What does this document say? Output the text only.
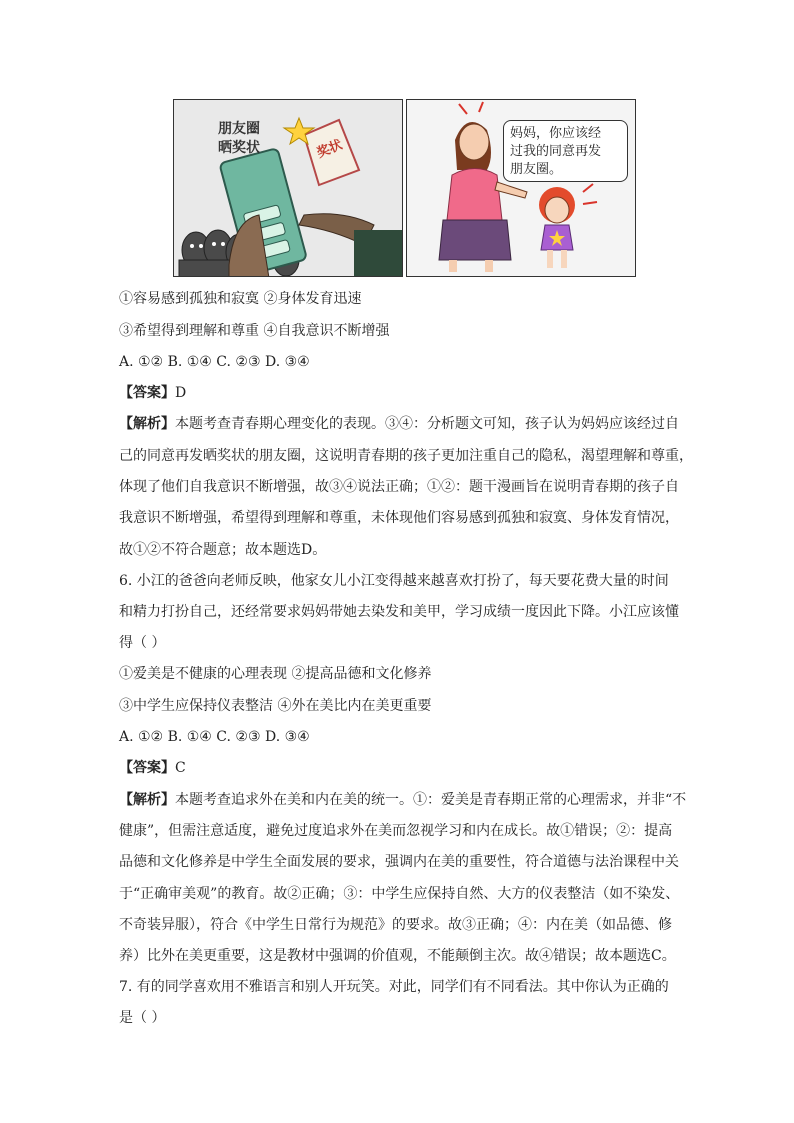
朋友圈
晒奖状	奖状
妈妈，你应该经
过我的同意再发
朋友圈。
①容易感到孤独和寂寞 ②身体发育迅速
③希望得到理解和尊重 ④自我意识不断增强
A. ①② B. ①④ C. ②③ D. ③④
【答案】D
【解析】本题考查青春期心理变化的表现。③④：分析题文可知，孩子认为妈妈应该经过自
己的同意再发晒奖状的朋友圈，这说明青春期的孩子更加注重自己的隐私，渴望理解和尊重，
体现了他们自我意识不断增强，故③④说法正确；①②：题干漫画旨在说明青春期的孩子自
我意识不断增强，希望得到理解和尊重，未体现他们容易感到孤独和寂寞、身体发育情况，
故①②不符合题意；故本题选D。
6. 小江的爸爸向老师反映，他家女儿小江变得越来越喜欢打扮了，每天要花费大量的时间
和精力打扮自己，还经常要求妈妈带她去染发和美甲，学习成绩一度因此下降。小江应该懂
得（ ）
①爱美是不健康的心理表现 ②提高品德和文化修养
③中学生应保持仪表整洁 ④外在美比内在美更重要
A. ①② B. ①④ C. ②③ D. ③④
【答案】C
【解析】本题考查追求外在美和内在美的统一。①：爱美是青春期正常的心理需求，并非“不
健康”，但需注意适度，避免过度追求外在美而忽视学习和内在成长。故①错误；②：提高
品德和文化修养是中学生全面发展的要求，强调内在美的重要性，符合道德与法治课程中关
于“正确审美观”的教育。故②正确；③：中学生应保持自然、大方的仪表整洁（如不染发、
不奇装异服），符合《中学生日常行为规范》的要求。故③正确；④：内在美（如品德、修
养）比外在美更重要，这是教材中强调的价值观，不能颠倒主次。故④错误；故本题选C。
7. 有的同学喜欢用不雅语言和别人开玩笑。对此，同学们有不同看法。其中你认为正确的
是（ ）
